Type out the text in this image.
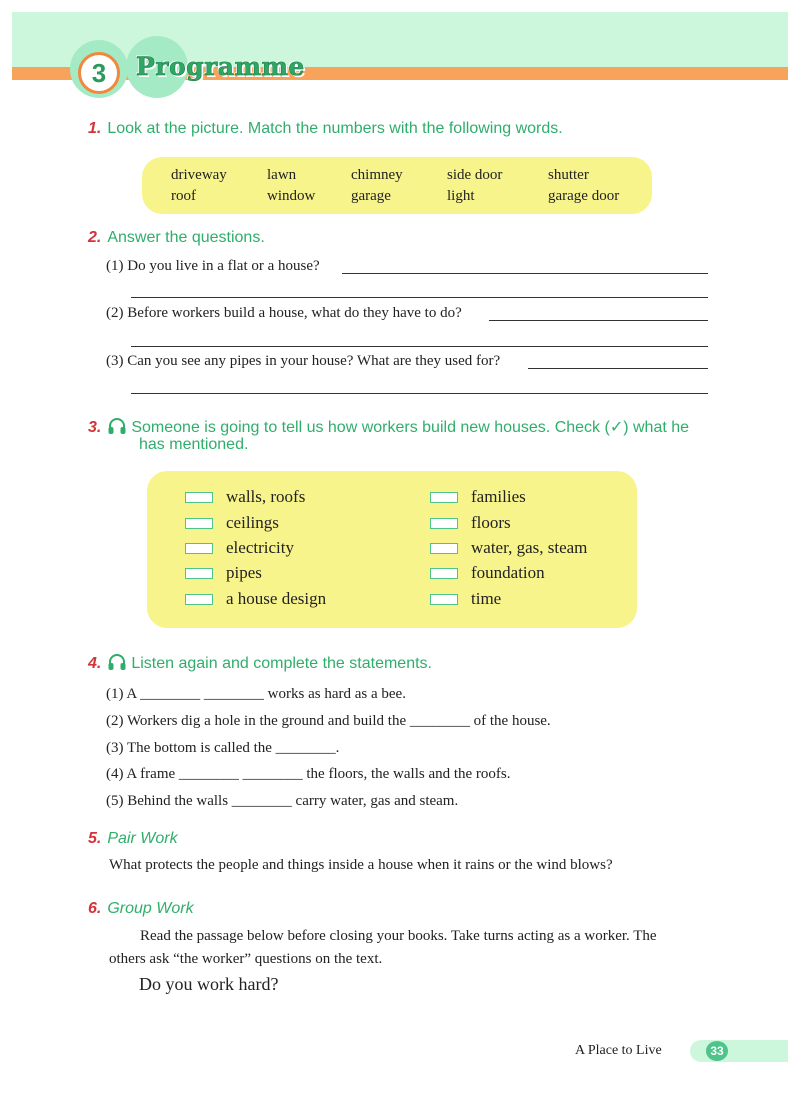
3	Programme
1. Look at the picture. Match the numbers with the following words.
driveway
roof
lawn
window
chimney
garage
side door
light
shutter
garage door
2. Answer the questions.
(1) Do you live in a flat or a house?
(2) Before workers build a house, what do they have to do?
(3) Can you see any pipes in your house? What are they used for?
3. Someone is going to tell us how workers build new houses. Check (✓) what he
has mentioned.
walls, roofs
ceilings
electricity
pipes
a house design
families
floors
water, gas, steam
foundation
time
4. Listen again and complete the statements.
(1) A ________ ________ works as hard as a bee.
(2) Workers dig a hole in the ground and build the ________ of the house.
(3) The bottom is called the ________.
(4) A frame ________ ________ the floors, the walls and the roofs.
(5) Behind the walls ________ carry water, gas and steam.
5. Pair Work
What protects the people and things inside a house when it rains or the wind blows?
6. Group Work
Read the passage below before closing your books. Take turns acting as a worker. The
others ask “the worker” questions on the text.
Do you work hard?
A Place to Live	33
